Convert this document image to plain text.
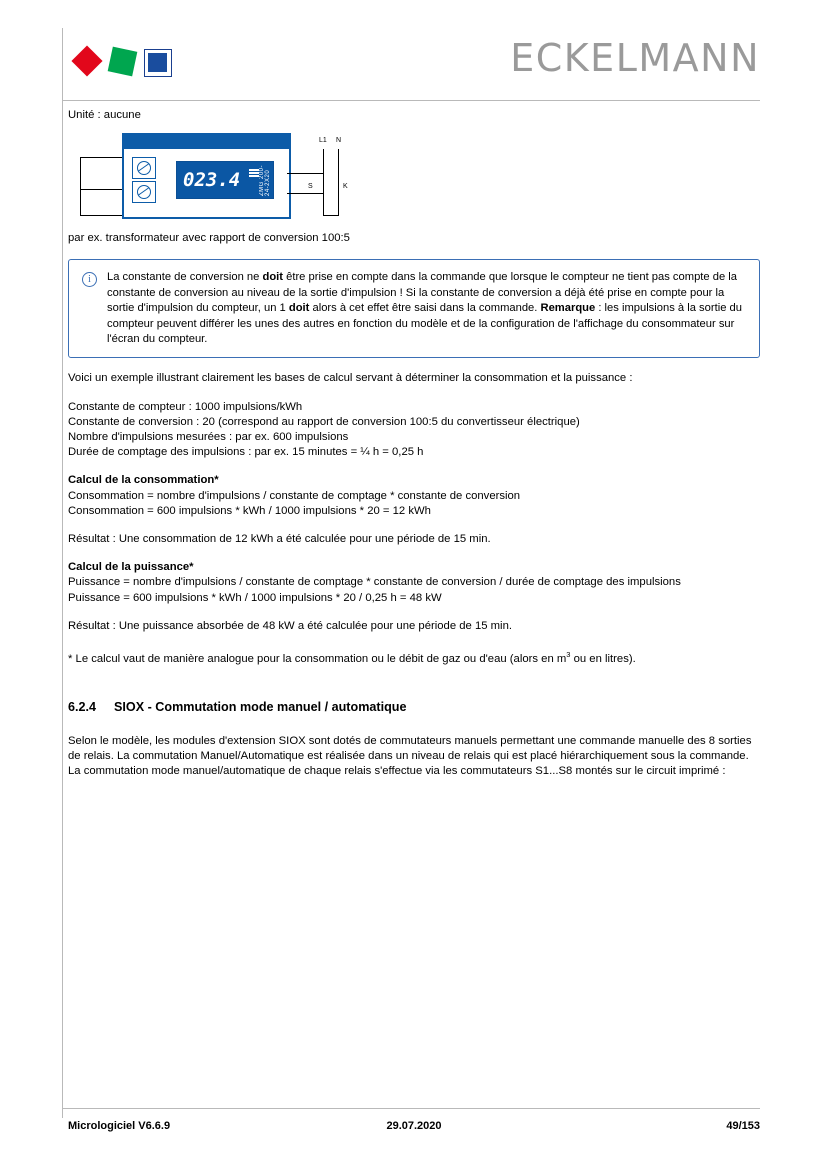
ECKELMANN

Unité : aucune

023.4	ZMG 200-24-2X20
L1 N
S	K

par ex. transformateur avec rapport de conversion 100:5

i	La constante de conversion ne doit être prise en compte dans la commande que lorsque le compteur ne tient pas compte de la constante de conversion au niveau de la sortie d'impulsion ! Si la constante de conversion a déjà été prise en compte pour la sortie d'impulsion du compteur, un 1 doit alors à cet effet être saisi dans la commande. Remarque : les impulsions à la sortie du compteur peuvent différer les unes des autres en fonction du modèle et de la configuration de l'affichage du consommateur sur l'écran du compteur.

Voici un exemple illustrant clairement les bases de calcul servant à déterminer la consommation et la puissance :

Constante de compteur : 1000 impulsions/kWh

Constante de conversion : 20 (correspond au rapport de conversion 100:5 du convertisseur électrique)

Nombre d'impulsions mesurées : par ex. 600 impulsions

Durée de comptage des impulsions : par ex. 15 minutes = ¼ h = 0,25 h

Calcul de la consommation*

Consommation = nombre d'impulsions / constante de comptage * constante de conversion

Consommation = 600 impulsions * kWh / 1000 impulsions * 20 = 12 kWh

Résultat : Une consommation de 12 kWh a été calculée pour une période de 15 min.

Calcul de la puissance*

Puissance = nombre d'impulsions / constante de comptage * constante de conversion / durée de comptage des impulsions

Puissance = 600 impulsions * kWh / 1000 impulsions * 20 / 0,25 h = 48 kW

Résultat : Une puissance absorbée de 48 kW a été calculée pour une période de 15 min.

* Le calcul vaut de manière analogue pour la consommation ou le débit de gaz ou d'eau (alors en $m^3$ ou en litres).

6.2.4 SIOX - Commutation mode manuel / automatique

Selon le modèle, les modules d'extension SIOX sont dotés de commutateurs manuels permettant une commande manuelle des 8 sorties de relais. La commutation Manuel/Automatique est réalisée dans un niveau de relais qui est placé hiérarchiquement sous la commande. La commutation mode manuel/automatique de chaque relais s'effectue via les commutateurs S1...S8 montés sur le circuit imprimé :

Micrologiciel V6.6.9	29.07.2020	49/153
